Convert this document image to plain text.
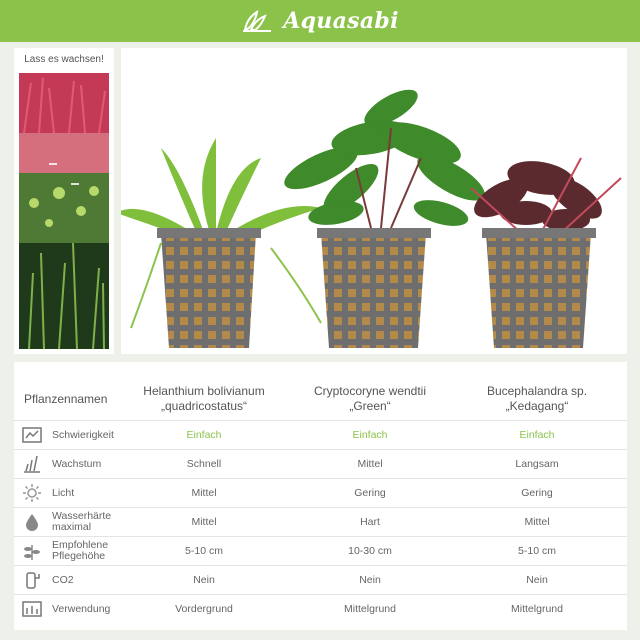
Aquasabi
Lass es wachsen!
Pflanzennamen
Helanthium bolivianum
„quadricostatus“
Cryptocoryne wendtii
„Green“
Bucephalandra sp.
„Kedagang“
Schwierigkeit	Einfach	Einfach	Einfach
Wachstum	Schnell	Mittel	Langsam
Licht	Mittel	Gering	Gering
Wasserhärte
maximal	Mittel	Hart	Mittel
Empfohlene
Pflegehöhe	5-10 cm	10-30 cm	5-10 cm
CO2	Nein	Nein	Nein
Verwendung	Vordergrund	Mittelgrund	Mittelgrund
